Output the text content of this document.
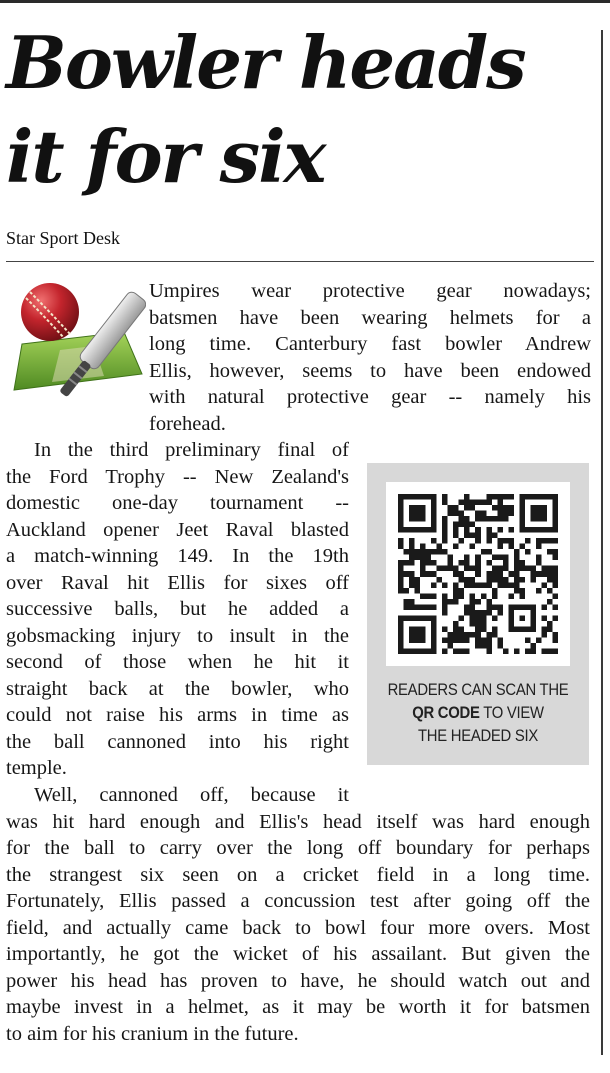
Bowler heads
it for six
Star Sport Desk

Umpires wear protective gear nowadays;
batsmen have been wearing helmets for a
long time. Canterbury fast bowler Andrew
Ellis, however, seems to have been endowed
with natural protective gear -- namely his
forehead.

In the third preliminary final of
the Ford Trophy -- New Zealand's
domestic one-day tournament --
Auckland opener Jeet Raval blasted
a match-winning 149. In the 19th
over Raval hit Ellis for sixes off
successive balls, but he added a
gobsmacking injury to insult in the
second of those when he hit it
straight back at the bowler, who
could not raise his arms in time as
the ball cannoned into his right
temple.

Well, cannoned off, because it
was hit hard enough and Ellis's head itself was hard enough
for the ball to carry over the long off boundary for perhaps
the strangest six seen on a cricket field in a long time.
Fortunately, Ellis passed a concussion test after going off the
field, and actually came back to bowl four more overs. Most
importantly, he got the wicket of his assailant. But given the
power his head has proven to have, he should watch out and
maybe invest in a helmet, as it may be worth it for batsmen
to aim for his cranium in the future.

READERS CAN SCAN THE
QR CODE TO VIEW
THE HEADED SIX
